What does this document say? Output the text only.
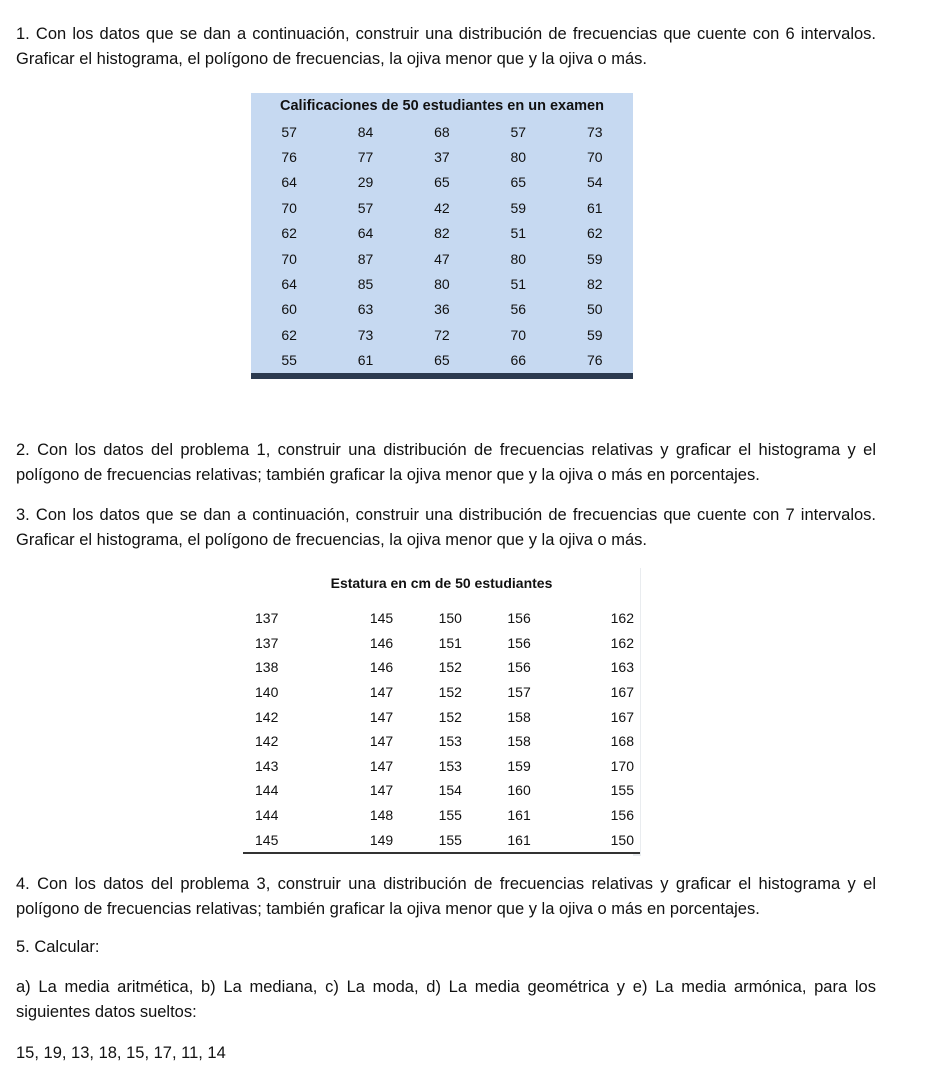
1. Con los datos que se dan a continuación, construir una distribución de frecuencias que cuente con 6 intervalos. Graficar el histograma, el polígono de frecuencias, la ojiva menor que y la ojiva o más.

Calificaciones de 50 estudiantes en un examen				
57	84	68	57	73
76	77	37	80	70
64	29	65	65	54
70	57	42	59	61
62	64	82	51	62
70	87	47	80	59
64	85	80	51	82
60	63	36	56	50
62	73	72	70	59
55	61	65	66	76

2. Con los datos del problema 1, construir una distribución de frecuencias relativas y graficar el histograma y el polígono de frecuencias relativas; también graficar la ojiva menor que y la ojiva o más en porcentajes.

3. Con los datos que se dan a continuación, construir una distribución de frecuencias que cuente con 7 intervalos. Graficar el histograma, el polígono de frecuencias, la ojiva menor que y la ojiva o más.

Estatura en cm de 50 estudiantes				

137	145	150	156	162
137	146	151	156	162
138	146	152	156	163
140	147	152	157	167
142	147	152	158	167
142	147	153	158	168
143	147	153	159	170
144	147	154	160	155
144	148	155	161	156
145	149	155	161	150

4. Con los datos del problema 3, construir una distribución de frecuencias relativas y graficar el histograma y el polígono de frecuencias relativas; también graficar la ojiva menor que y la ojiva o más en porcentajes.

5. Calcular:

a) La media aritmética, b) La mediana, c) La moda, d) La media geométrica y e) La media armónica, para los siguientes datos sueltos:

15, 19, 13, 18, 15, 17, 11, 14
